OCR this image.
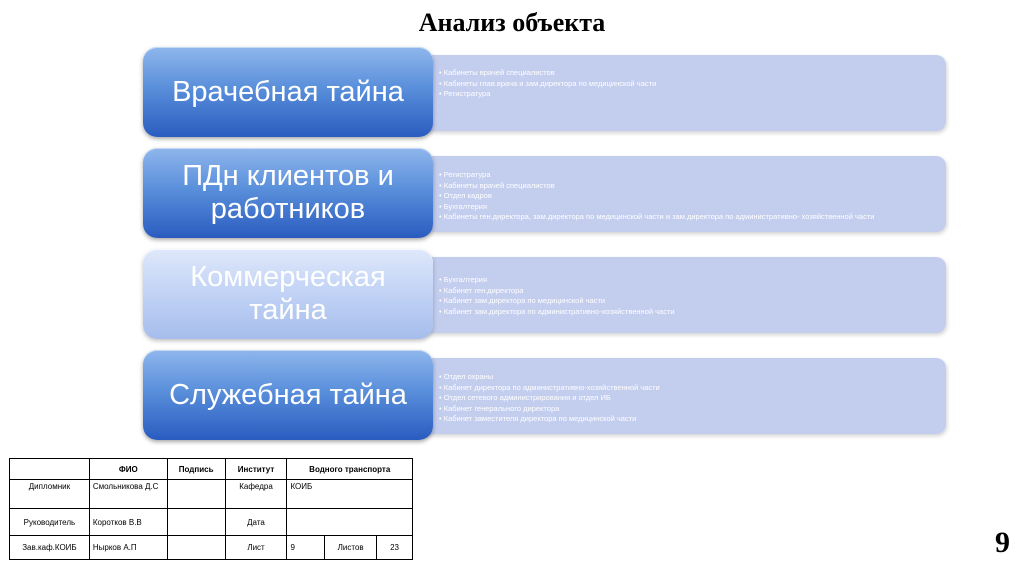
Анализ объекта
Врачебная тайна
• Кабинеты врачей специалистов
• Кабинеты глав.врача и зам.директора по медицинской части
• Регистратура
ПДн клиентов и работников
• Регистратура
• Кабинеты врачей специалистов
• Отдел кадров
• Бухгалтерия
• Кабинеты ген.директора, зам.директора по медицинской части и зам.директора по административно- хозяйственной части
Коммерческая тайна
• Бухгалтерия
• Кабинет ген.директора
• Кабинет зам.директора по медицинской части
• Кабинет зам.директора по административно-хозяйственной части
Служебная тайна
• Отдел охраны
• Кабинет директора по административно-хозяйственной части
• Отдел сетевого администрирования и отдел ИБ
• Кабинет генерального директора
• Кабинет заместителя директора по медицинской части
	ФИО	Подпись	Институт	Водного транспорта		
Дипломник	Смольникова Д.С		Кафедра	КОИБ		
Руководитель	Коротков В.В		Дата			
Зав.каф.КОИБ	Нырков А.П		Лист	9	Листов	23	9
